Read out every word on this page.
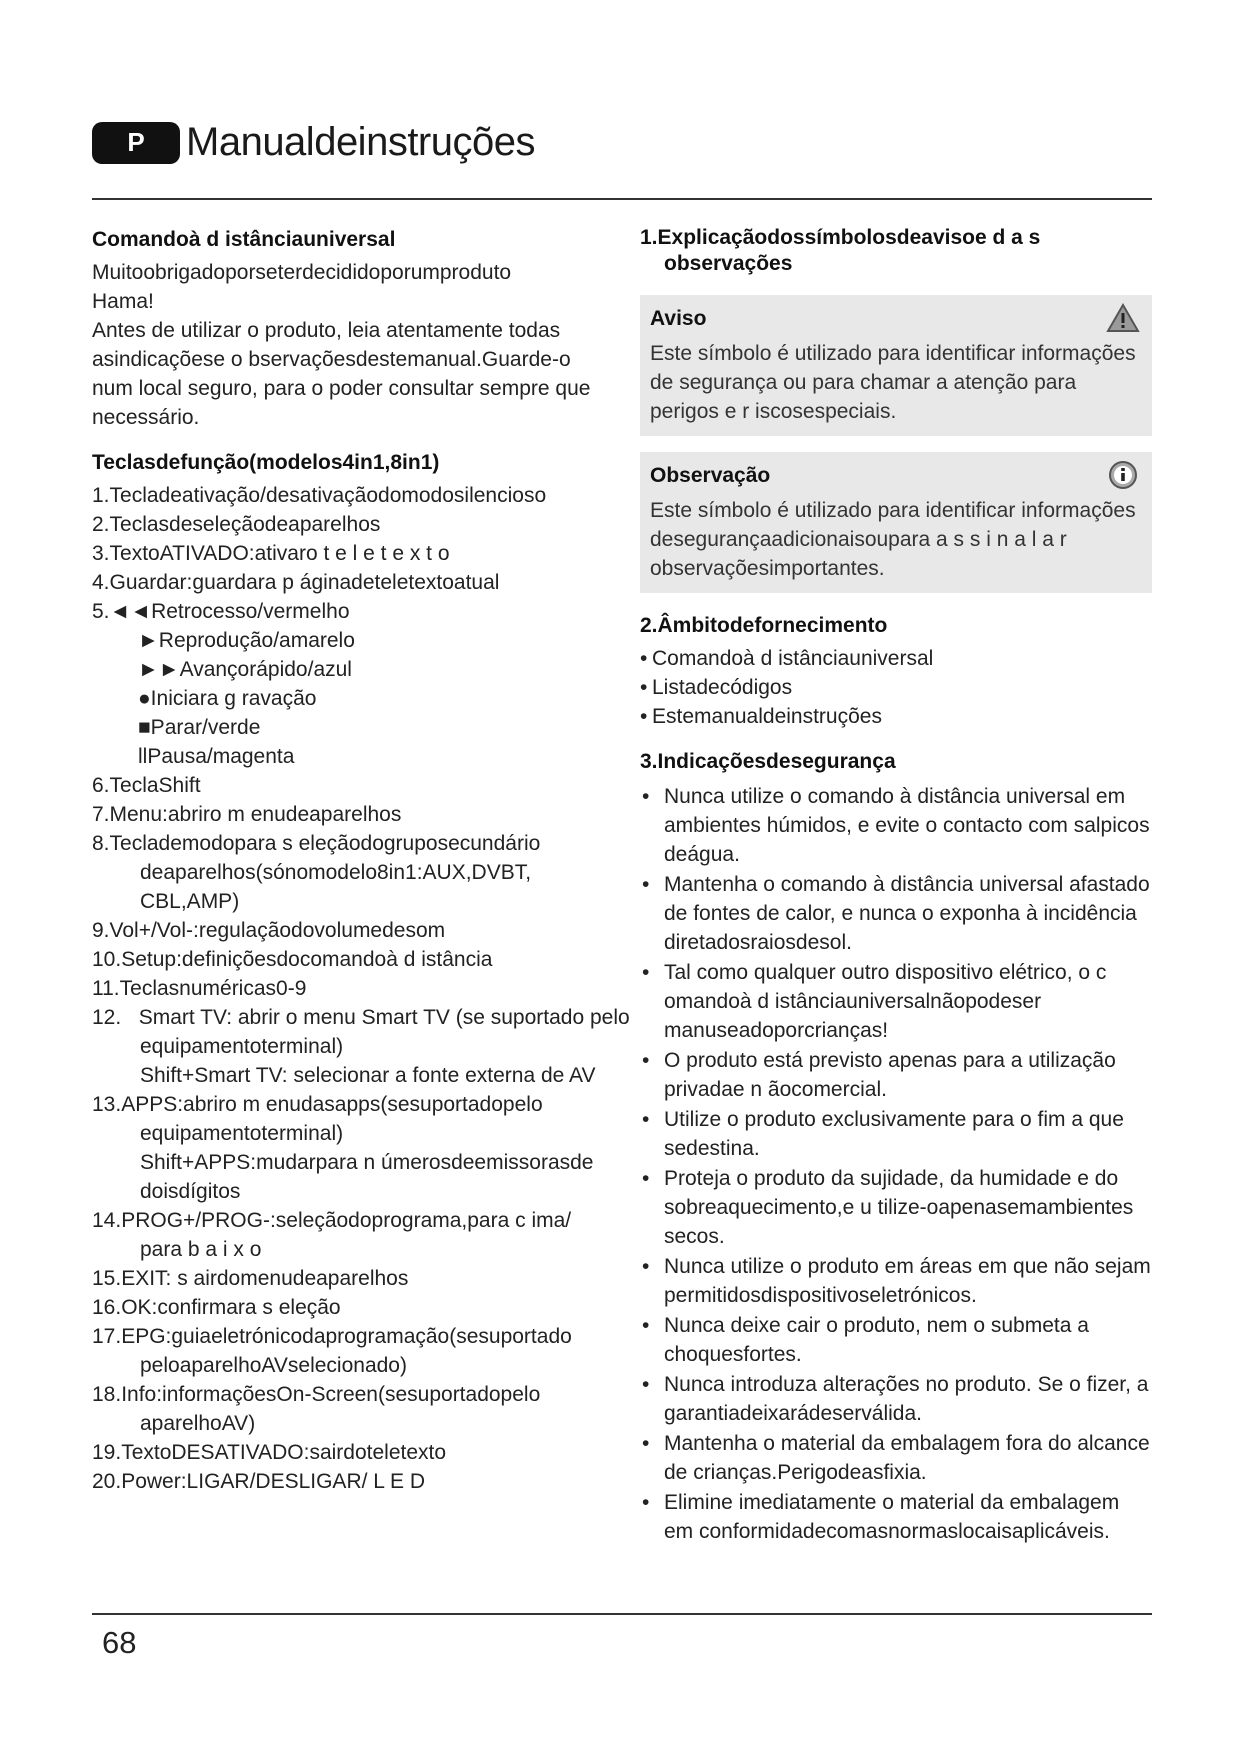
P	Manualdeinstruções
Comandoà d istânciauniversal

Muitoobrigadoporseterdecididoporumproduto

Hama!

Antes de utilizar o produto, leia atentamente todas

asindicaçõese o bservaçõesdestemanual.Guarde-o

num local seguro, para o poder consultar sempre que

necessário.

Teclasdefunção(modelos4in1,8in1)
1.Tecladeativação/desativaçãodomodosilencioso
2.Teclasdeseleçãodeaparelhos
3.TextoATIVADO:ativaro t e l e t e x t o
4.Guardar:guardara p áginadeteletextoatual
5.◄◄Retrocesso/vermelho
►Reprodução/amarelo
►►Avançorápido/azul
●Iniciara g ravação
■Parar/verde
llPausa/magenta
6.TeclaShift
7.Menu:abriro m enudeaparelhos
8.Teclademodopara s eleçãodogruposecundário
deaparelhos(sónomodelo8in1:AUX,DVBT,
CBL,AMP)
9.Vol+/Vol-:regulaçãodovolumedesom
10.Setup:definiçõesdocomandoà d istância
11.Teclasnuméricas0-9
12.   Smart TV: abrir o menu Smart TV (se suportado pelo
equipamentoterminal)
Shift+Smart TV: selecionar a fonte externa de AV
13.APPS:abriro m enudasapps(sesuportadopelo
equipamentoterminal)
Shift+APPS:mudarpara n úmerosdeemissorasde
doisdígitos
14.PROG+/PROG-:seleçãodoprograma,para c ima/
para b a i x o
15.EXIT: s airdomenudeaparelhos
16.OK:confirmara s eleção
17.EPG:guiaeletrónicodaprogramação(sesuportado
peloaparelhoAVselecionado)
18.Info:informaçõesOn-Screen(sesuportadopelo
aparelhoAV)
19.TextoDESATIVADO:sairdoteletexto
20.Power:LIGAR/DESLIGAR/ L E D
1.Explicaçãodossímbolosdeavisoe d a s
observações
Aviso
Este símbolo é utilizado para identificar informações de segurança ou para chamar a atenção para perigos e r iscosespeciais.
Observação
Este símbolo é utilizado para identificar informações desegurançaadicionaisoupara a s s i n a l a r observaçõesimportantes.
2.Âmbitodefornecimento
• Comandoà d istânciauniversal
• Listadecódigos
• Estemanualdeinstruções
3.Indicaçõesdesegurança
• Nunca utilize o comando à distância universal em ambientes húmidos, e evite o contacto com salpicos deágua.
• Mantenha o comando à distância universal afastado de fontes de calor, e nunca o exponha à incidência diretadosraiosdesol.
• Tal como qualquer outro dispositivo elétrico, o c omandoà d istânciauniversalnãopodeser manuseadoporcrianças!
• O produto está previsto apenas para a utilização privadae n ãocomercial.
• Utilize o produto exclusivamente para o fim a que sedestina.
• Proteja o produto da sujidade, da humidade e do sobreaquecimento,e u tilize-oapenasemambientes secos.
• Nunca utilize o produto em áreas em que não sejam permitidosdispositivoseletrónicos.
• Nunca deixe cair o produto, nem o submeta a choquesfortes.
• Nunca introduza alterações no produto. Se o fizer, a garantiadeixarádeserválida.
• Mantenha o material da embalagem fora do alcance de crianças.Perigodeasfixia.
• Elimine imediatamente o material da embalagem em conformidadecomasnormaslocaisaplicáveis.
68
